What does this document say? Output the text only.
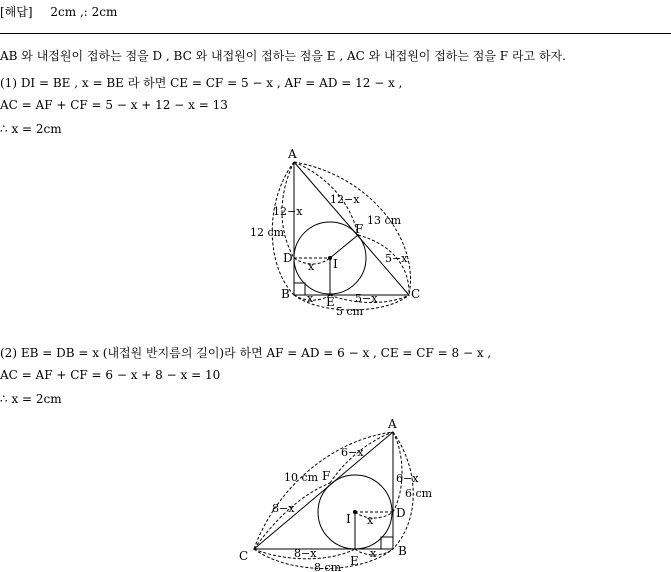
[해답] 2cm ,: 2cm
AB 와 내접원이 접하는 점을 D , BC 와 내접원이 접하는 점을 E , AC 와 내접원이 접하는 점을 F 라고 하자.
(1) DI = BE , x = BE 라 하면 CE = CF = 5 − x , AF = AD = 12 − x ,
AC = AF + CF = 5 − x + 12 − x = 13
∴ x = 2cm
A
B	C
D
E
F
I
12−x
12−x
12 cm
13 cm
5−x
x
x	5−x
5 cm
(2) EB = DB = x (내접원 반지름의 길이)라 하면 AF = AD = 6 − x , CE = CF = 8 − x ,
AC = AF + CF = 6 − x + 8 − x = 10
∴ x = 2cm
A
B
C
D
E
F
I
6−x
10 cm	6−x
6 cm
8−x
x
8−x	x
8 cm
